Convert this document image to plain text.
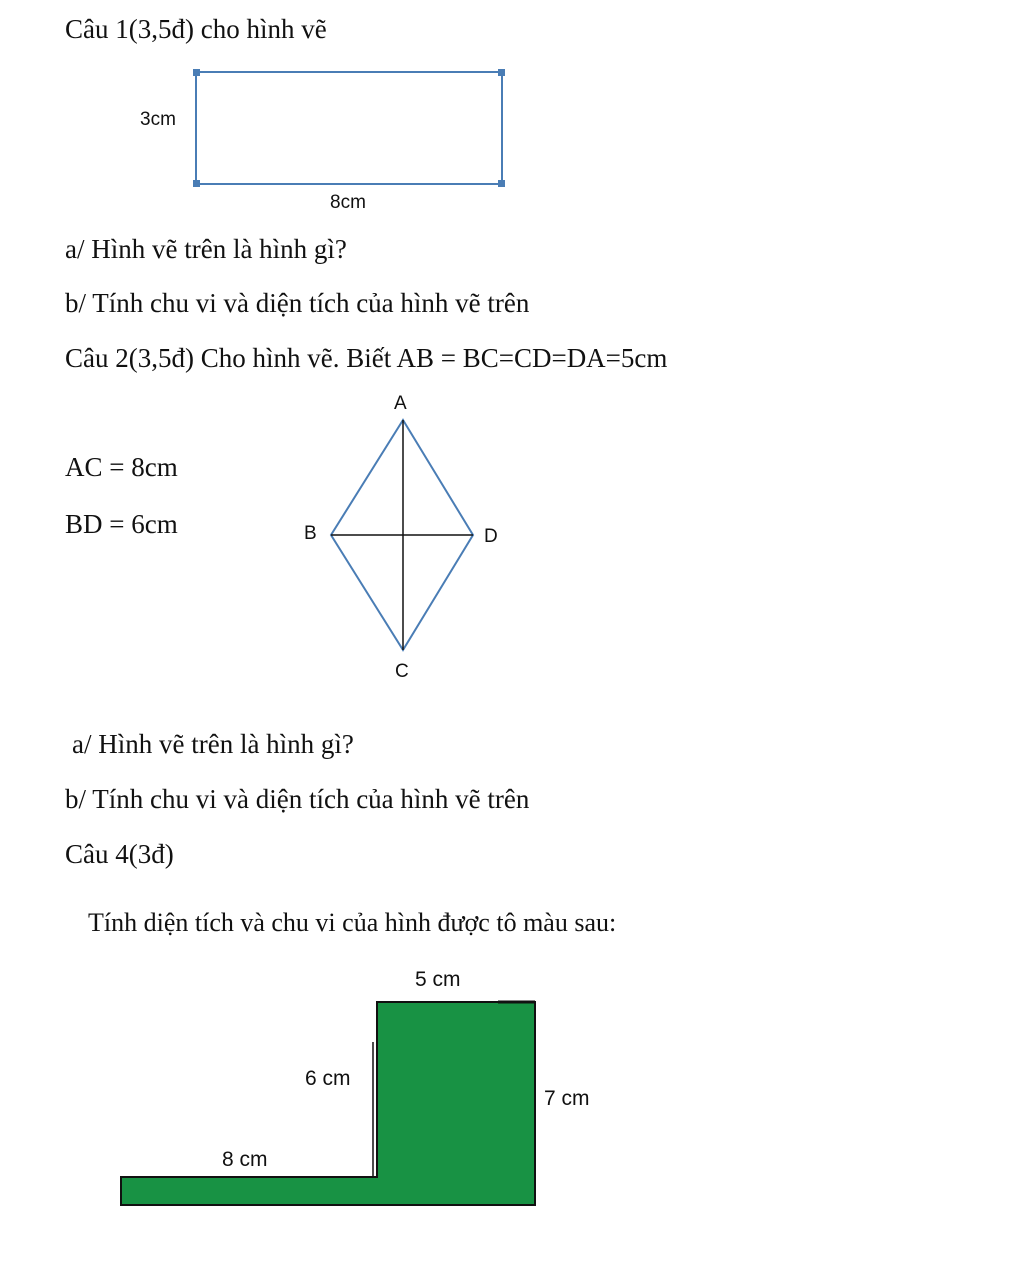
Câu 1(3,5đ) cho hình vẽ
3cm
8cm
a/ Hình vẽ trên là hình gì?
b/ Tính chu vi và diện tích của hình vẽ trên
Câu 2(3,5đ) Cho hình vẽ. Biết AB = BC=CD=DA=5cm
AC = 8cm
BD = 6cm
A
B	D
C
a/ Hình vẽ trên là hình gì?
b/ Tính chu vi và diện tích của hình vẽ trên
Câu 4(3đ)
Tính diện tích và chu vi của hình được tô màu sau:
5 cm
6 cm
7 cm
8 cm
